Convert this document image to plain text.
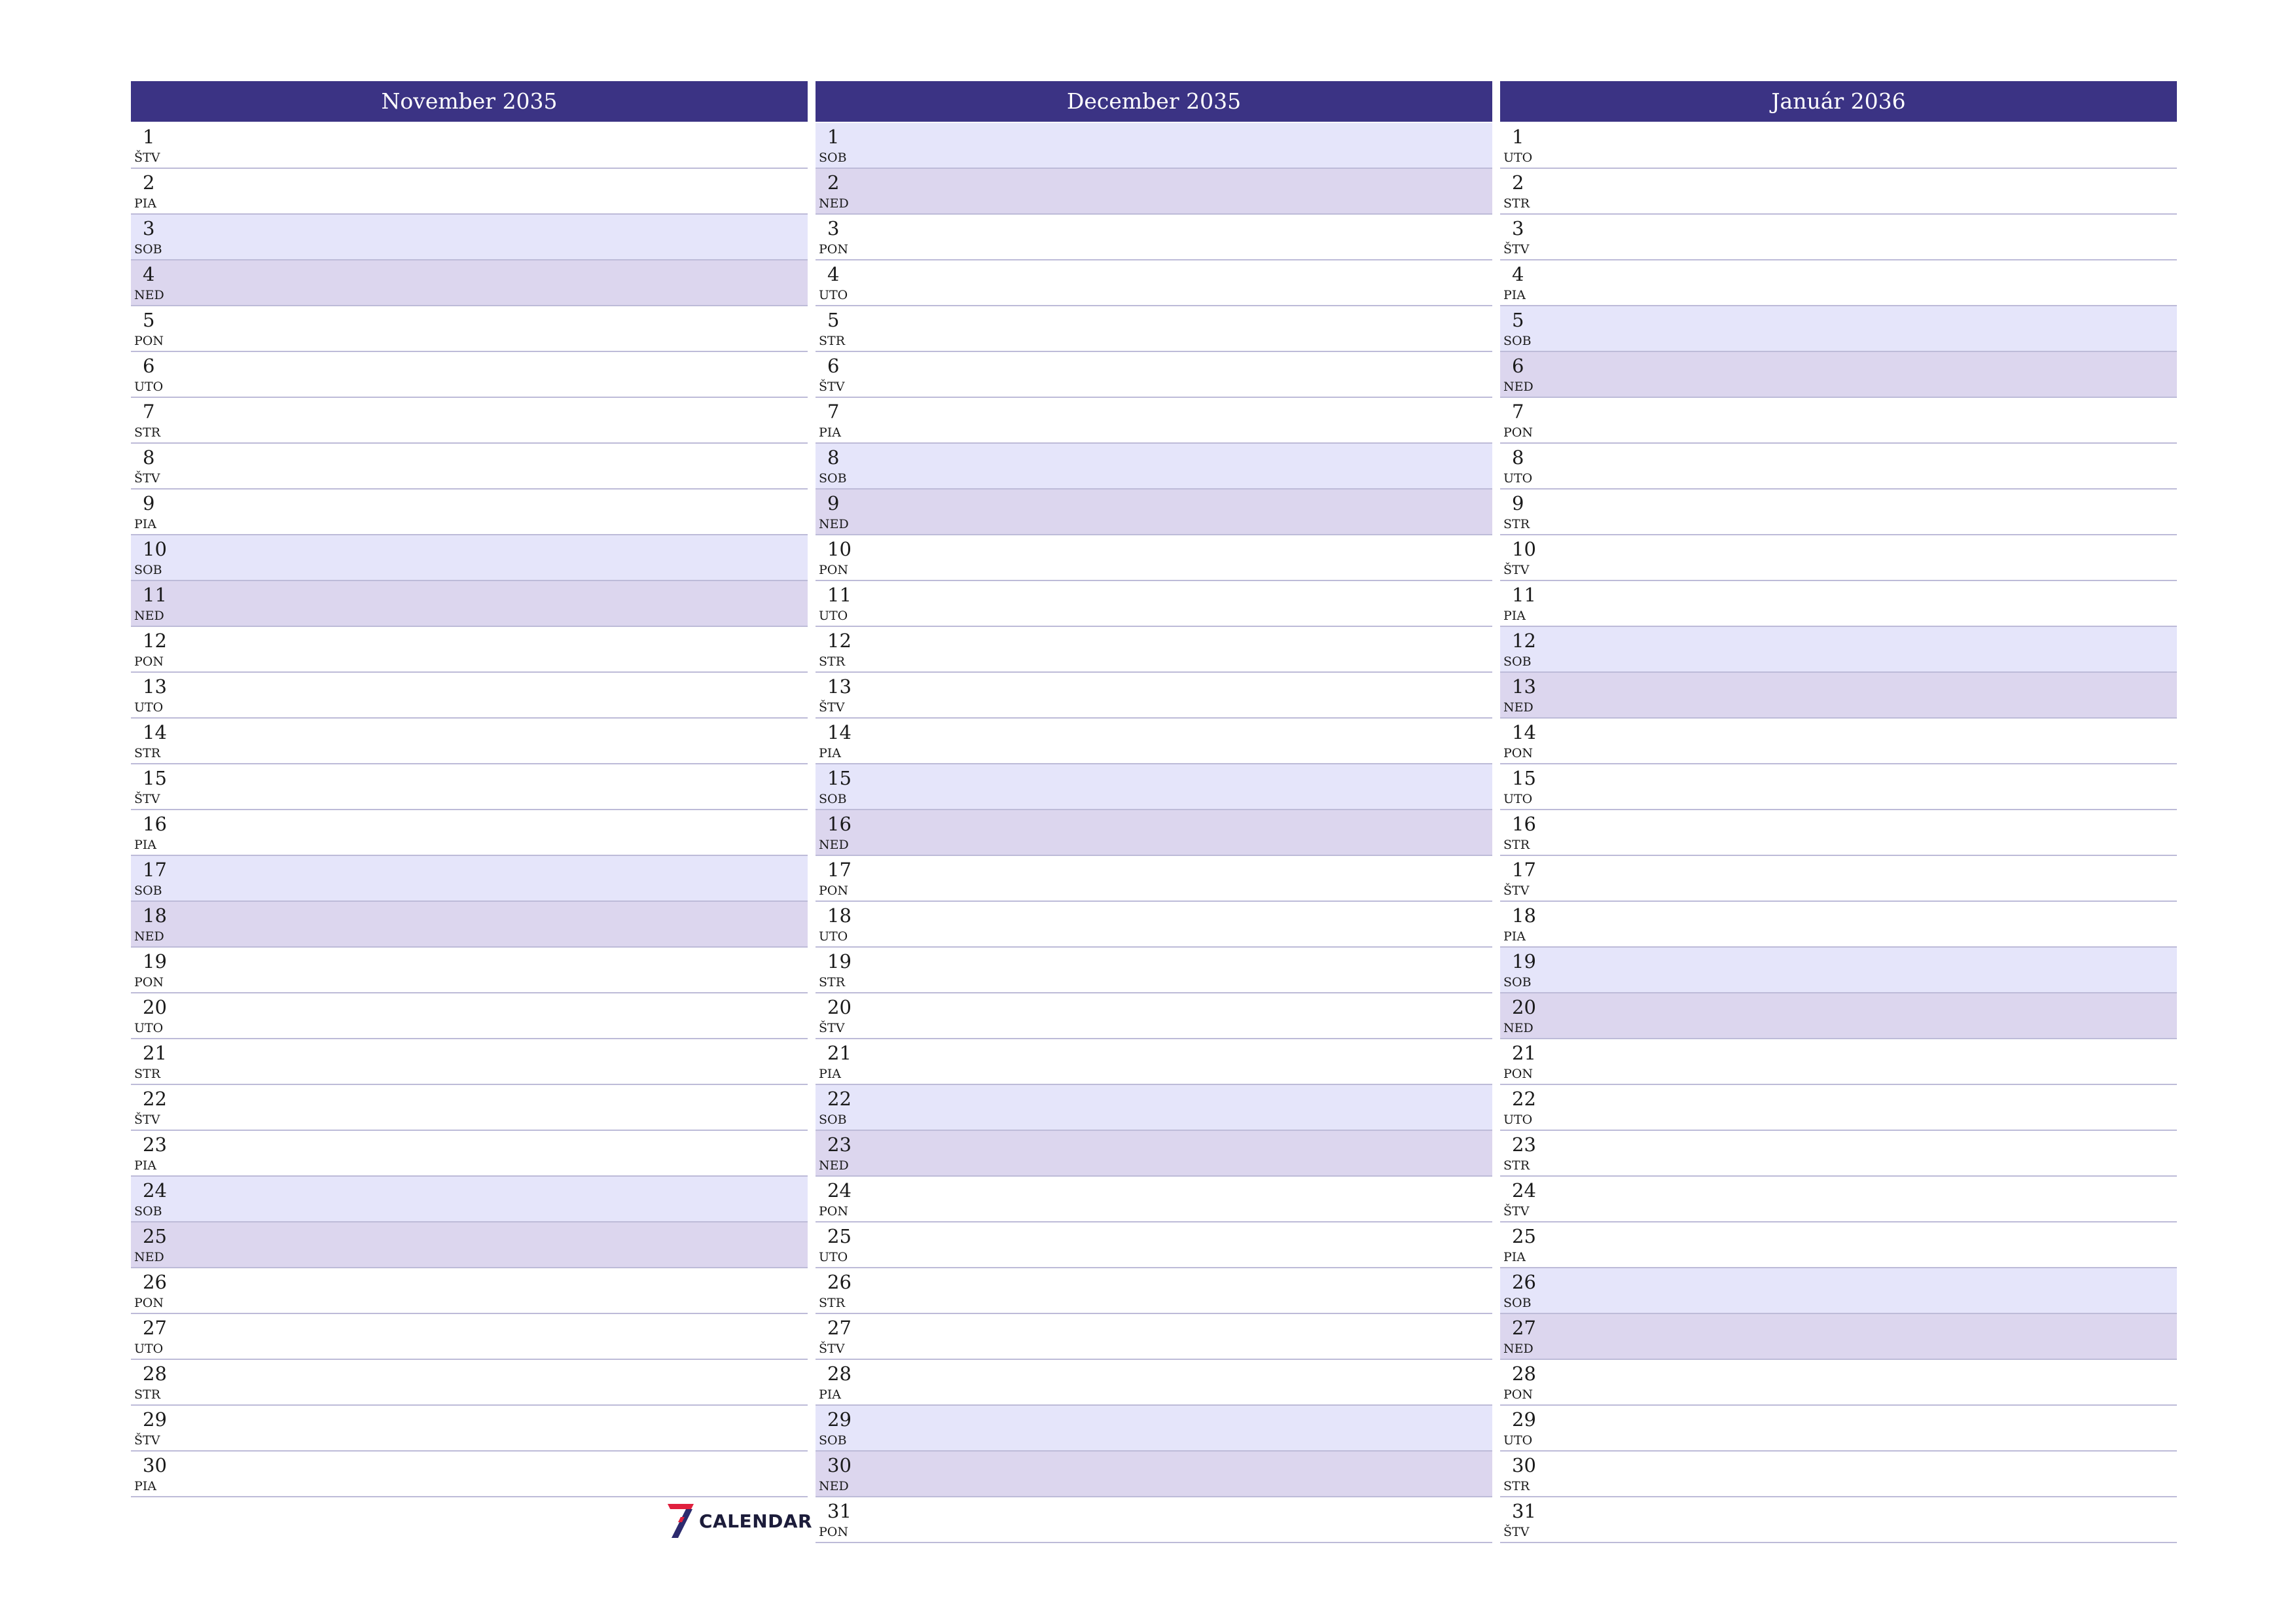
November 2035
1
ŠTV
2
PIA
3
SOB
4
NED
5
PON
6
UTO
7
STR
8
ŠTV
9
PIA
10
SOB
11
NED
12
PON
13
UTO
14
STR
15
ŠTV
16
PIA
17
SOB
18
NED
19
PON
20
UTO
21
STR
22
ŠTV
23
PIA
24
SOB
25
NED
26
PON
27
UTO
28
STR
29
ŠTV
30
PIA
December 2035
1
SOB
2
NED
3
PON
4
UTO
5
STR
6
ŠTV
7
PIA
8
SOB
9
NED
10
PON
11
UTO
12
STR
13
ŠTV
14
PIA
15
SOB
16
NED
17
PON
18
UTO
19
STR
20
ŠTV
21
PIA
22
SOB
23
NED
24
PON
25
UTO
26
STR
27
ŠTV
28
PIA
29
SOB
30
NED
31
PON
Január 2036
1
UTO
2
STR
3
ŠTV
4
PIA
5
SOB
6
NED
7
PON
8
UTO
9
STR
10
ŠTV
11
PIA
12
SOB
13
NED
14
PON
15
UTO
16
STR
17
ŠTV
18
PIA
19
SOB
20
NED
21
PON
22
UTO
23
STR
24
ŠTV
25
PIA
26
SOB
27
NED
28
PON
29
UTO
30
STR
31
ŠTV
CALENDAR
